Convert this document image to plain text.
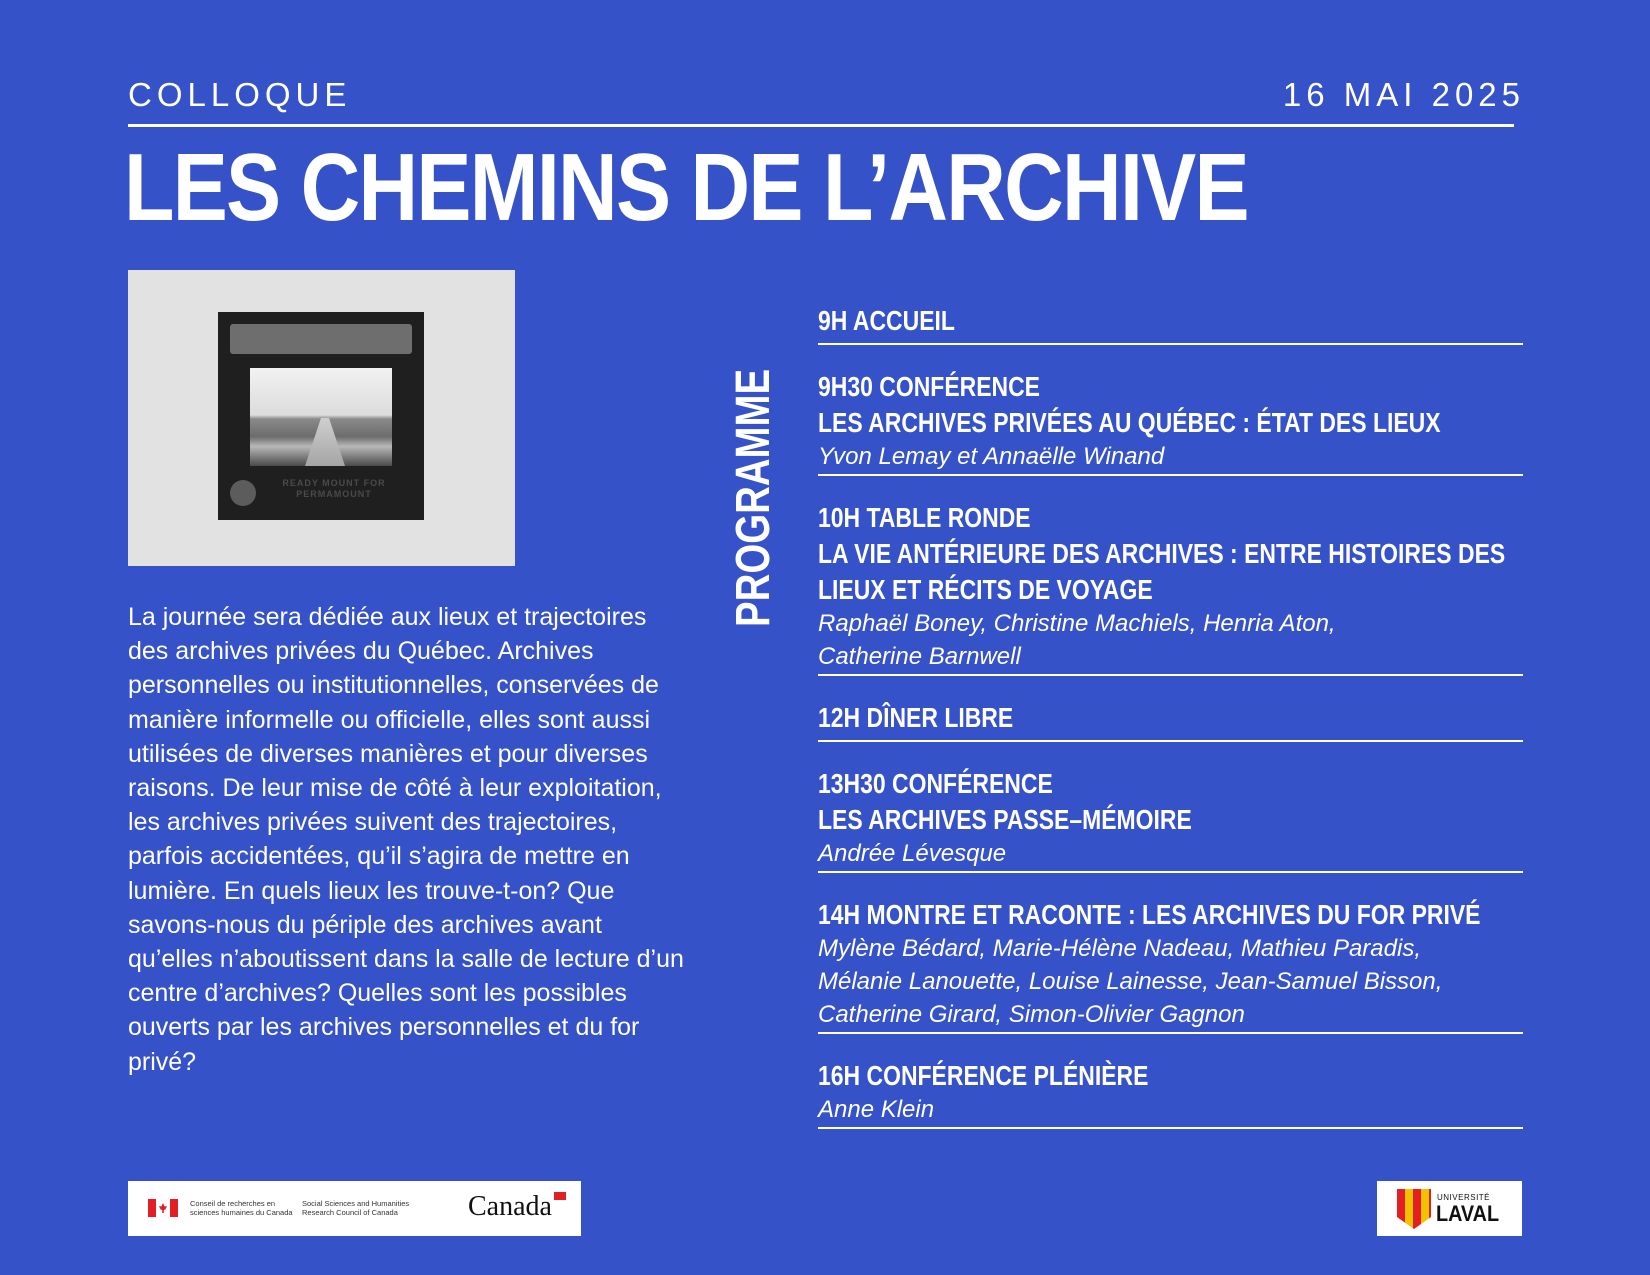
COLLOQUE	16 MAI 2025
LES CHEMINS DE L’ARCHIVE
READY MOUNT FOR PERMAMOUNT
La journée sera dédiée aux lieux et trajectoires des archives privées du Québec. Archives personnelles ou institutionnelles, conservées de manière informelle ou officielle, elles sont aussi utilisées de diverses manières et pour diverses raisons. De leur mise de côté à leur exploitation, les archives privées suivent des trajectoires, parfois accidentées, qu’il s’agira de mettre en lumière. En quels lieux les trouve-t-on? Que savons-nous du périple des archives avant qu’elles n’aboutissent dans la salle de lecture d’un centre d’archives? Quelles sont les possibles ouverts par les archives personnelles et du for privé?
PROGRAMME
9H ACCUEIL
9H30 CONFÉRENCE
LES ARCHIVES PRIVÉES AU QUÉBEC : ÉTAT DES LIEUX
Yvon Lemay et Annaëlle Winand
10H TABLE RONDE
LA VIE ANTÉRIEURE DES ARCHIVES : ENTRE HISTOIRES DES
LIEUX ET RÉCITS DE VOYAGE
Raphaël Boney, Christine Machiels, Henria Aton,
Catherine Barnwell
12H DÎNER LIBRE
13H30 CONFÉRENCE
LES ARCHIVES PASSE–MÉMOIRE
Andrée Lévesque
14H MONTRE ET RACONTE : LES ARCHIVES DU FOR PRIVÉ
Mylène Bédard, Marie-Hélène Nadeau, Mathieu Paradis,
Mélanie Lanouette, Louise Lainesse, Jean-Samuel Bisson,
Catherine Girard, Simon-Olivier Gagnon
16H CONFÉRENCE PLÉNIÈRE
Anne Klein
Conseil de recherches en sciences humaines du Canada
Social Sciences and Humanities Research Council of Canada	Canada	UNIVERSITÉ
LAVAL
